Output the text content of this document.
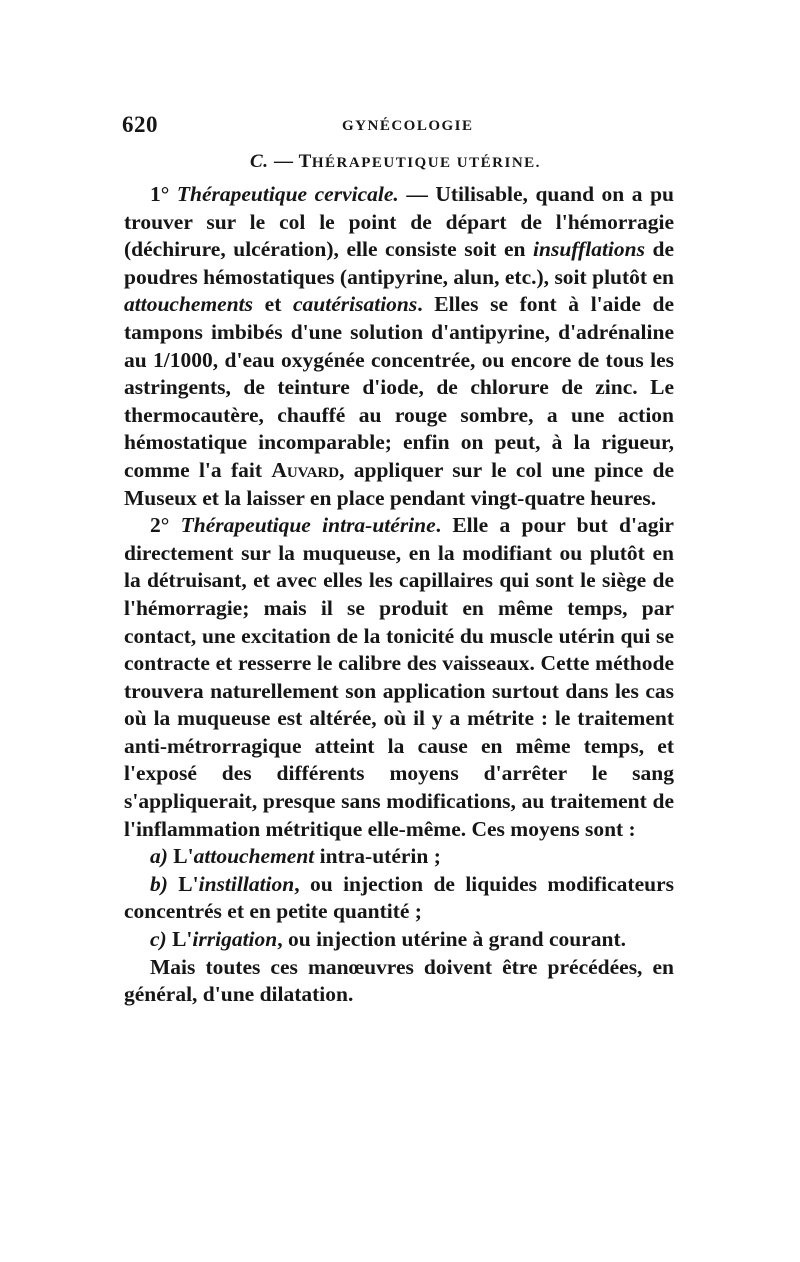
620	GYNÉCOLOGIE
C. — THÉRAPEUTIQUE UTÉRINE.

1° Thérapeutique cervicale. — Utilisable, quand on a pu trouver sur le col le point de départ de l'hémorragie (déchirure, ulcération), elle consiste soit en insufflations de poudres hémostatiques (antipyrine, alun, etc.), soit plutôt en attouchements et cautérisations. Elles se font à l'aide de tampons imbibés d'une solution d'antipyrine, d'adrénaline au 1/1000, d'eau oxygénée concentrée, ou encore de tous les astringents, de teinture d'iode, de chlorure de zinc. Le thermocautère, chauffé au rouge sombre, a une action hémostatique incomparable; enfin on peut, à la rigueur, comme l'a fait Auvard, appliquer sur le col une pince de Museux et la laisser en place pendant vingt-quatre heures.

2° Thérapeutique intra-utérine. Elle a pour but d'agir directement sur la muqueuse, en la modifiant ou plutôt en la détruisant, et avec elles les capillaires qui sont le siège de l'hémorragie; mais il se produit en même temps, par contact, une excitation de la tonicité du muscle utérin qui se contracte et resserre le calibre des vaisseaux. Cette méthode trouvera naturellement son application surtout dans les cas où la muqueuse est altérée, où il y a métrite : le traitement anti-métrorragique atteint la cause en même temps, et l'exposé des différents moyens d'arrêter le sang s'appliquerait, presque sans modifications, au traitement de l'inflammation métritique elle-même. Ces moyens sont :

a) L'attouchement intra-utérin ;

b) L'instillation, ou injection de liquides modificateurs concentrés et en petite quantité ;

c) L'irrigation, ou injection utérine à grand courant.

Mais toutes ces manœuvres doivent être précédées, en général, d'une dilatation.
